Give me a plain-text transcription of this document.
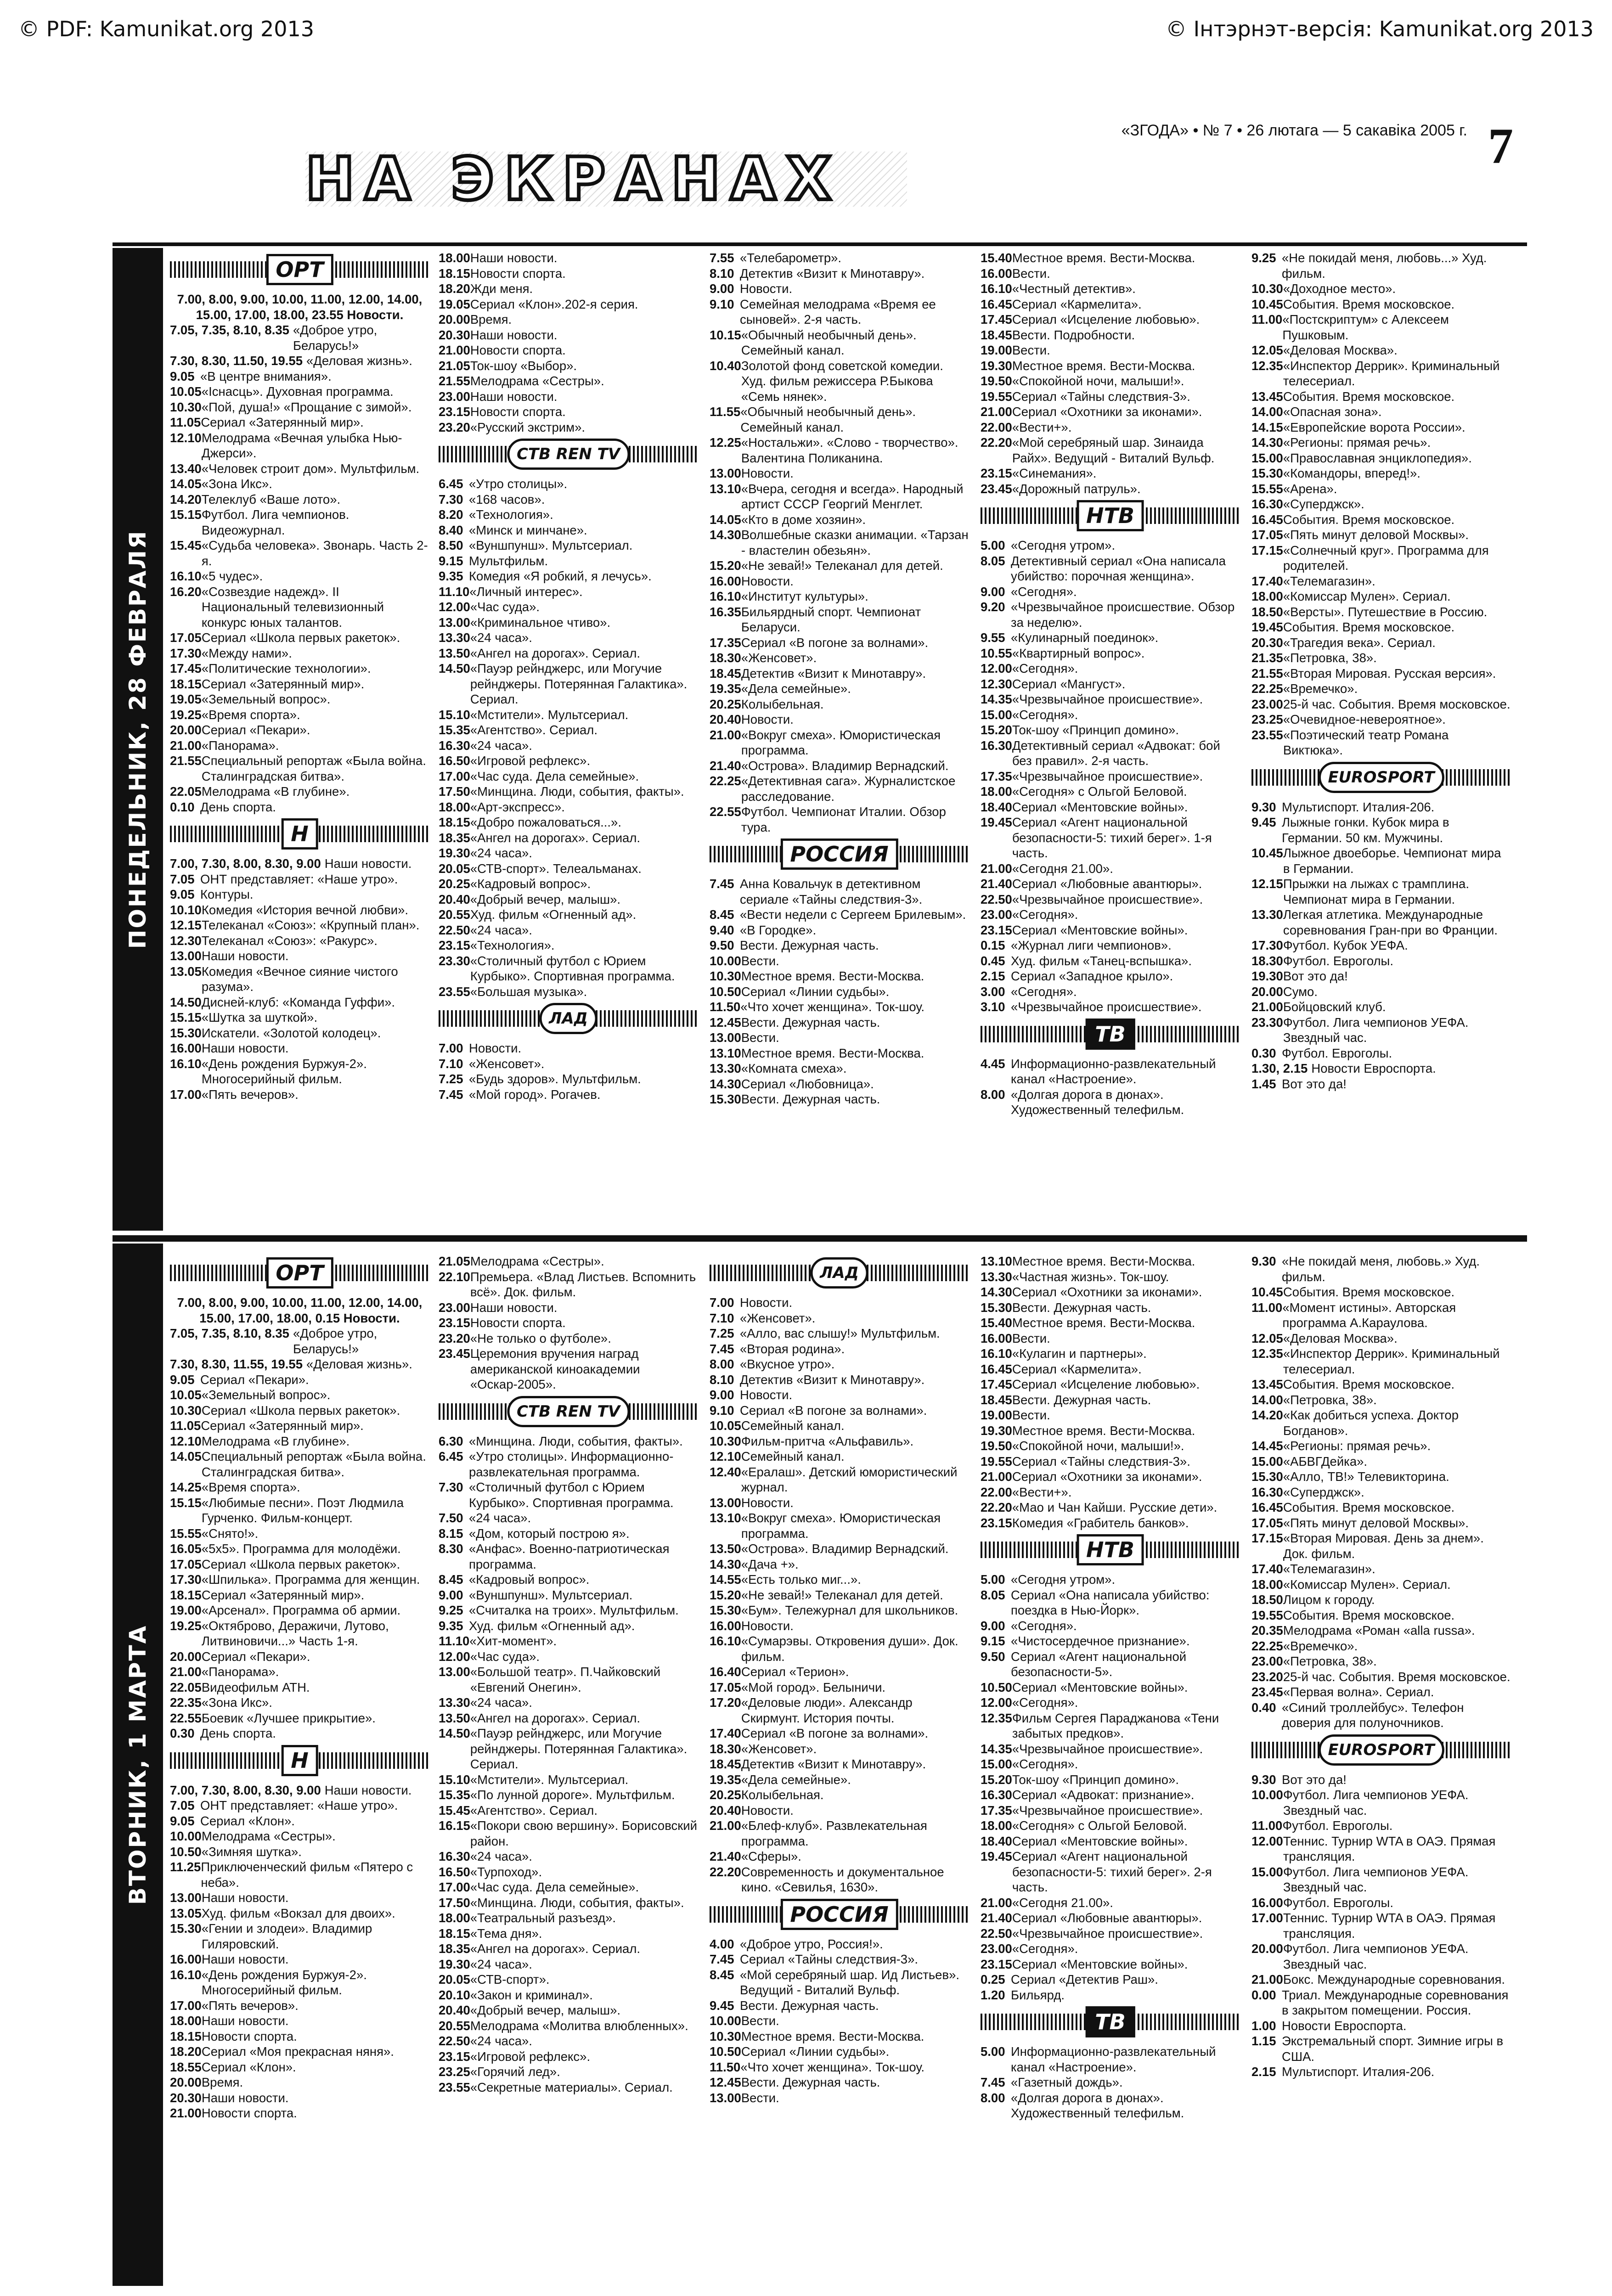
© PDF: Kamunikat.org 2013	© Інтэрнэт-версія: Kamunikat.org 2013
НА ЭКРАНАХ
«ЗГОДА» • № 7 • 26 лютага — 5 сакавіка 2005 г. 7
ПОНЕДЕЛЬНИК, 28 ФЕВРАЛЯ
ВТОРНИК, 1 МАРТА
ОРТ
7.00, 8.00, 9.00, 10.00, 11.00, 12.00, 14.00, 15.00, 17.00, 18.00, 23.55 Новости.
7.05, 7.35, 8.10, 8.35 «Доброе утро, Беларусь!»
7.30, 8.30, 11.50, 19.55 «Деловая жизнь».
9.05 «В центре внимания».
10.05 «Існасць». Духовная программа.
10.30 «Пой, душа!» «Прощание с зимой».
11.05 Сериал «Затерянный мир».
12.10 Мелодрама «Вечная улыбка Нью-Джерси».
13.40 «Человек строит дом». Мультфильм.
14.05 «Зона Икс».
14.20 Телеклуб «Ваше лото».
15.15 Футбол. Лига чемпионов. Видеожурнал.
15.45 «Судьба человека». Звонарь. Часть 2-я.
16.10 «5 чудес».
16.20 «Созвездие надежд». II Национальный телевизионный конкурс юных талантов.
17.05 Сериал «Школа первых ракеток».
17.30 «Между нами».
17.45 «Политические технологии».
18.15 Сериал «Затерянный мир».
19.05 «Земельный вопрос».
19.25 «Время спорта».
20.00 Сериал «Пекари».
21.00 «Панорама».
21.55 Специальный репортаж «Была война. Сталинградская битва».
22.05 Мелодрама «В глубине».
0.10 День спорта.
Н
7.00, 7.30, 8.00, 8.30, 9.00 Наши новости.
7.05 ОНТ представляет: «Наше утро».
9.05 Контуры.
10.10 Комедия «История вечной любви».
12.15 Телеканал «Союз»: «Крупный план».
12.30 Телеканал «Союз»: «Ракурс».
13.00 Наши новости.
13.05 Комедия «Вечное сияние чистого разума».
14.50 Дисней-клуб: «Команда Гуффи».
15.15 «Шутка за шуткой».
15.30 Искатели. «Золотой колодец».
16.00 Наши новости.
16.10 «День рождения Буржуя-2». Многосерийный фильм.
17.00 «Пять вечеров».
18.00 Наши новости.
18.15 Новости спорта.
18.20 Жди меня.
19.05 Сериал «Клон».202-я серия.
20.00 Время.
20.30 Наши новости.
21.00 Новости спорта.
21.05 Ток-шоу «Выбор».
21.55 Мелодрама «Сестры».
23.00 Наши новости.
23.15 Новости спорта.
23.20 «Русский экстрим».
СТВ REN TV
6.45 «Утро столицы».
7.30 «168 часов».
8.20 «Технология».
8.40 «Минск и минчане».
8.50 «Вуншпунш». Мультсериал.
9.15 Мультфильм.
9.35 Комедия «Я робкий, я лечусь».
11.10 «Личный интерес».
12.00 «Час суда».
13.00 «Криминальное чтиво».
13.30 «24 часа».
13.50 «Ангел на дорогах». Сериал.
14.50 «Пауэр рейнджерс, или Могучие рейнджеры. Потерянная Галактика». Сериал.
15.10 «Мстители». Мультсериал.
15.35 «Агентство». Сериал.
16.30 «24 часа».
16.50 «Игровой рефлекс».
17.00 «Час суда. Дела семейные».
17.50 «Минщина. Люди, события, факты».
18.00 «Арт-экспресс».
18.15 «Добро пожаловаться...».
18.35 «Ангел на дорогах». Сериал.
19.30 «24 часа».
20.05 «СТВ-спорт». Телеальманах.
20.25 «Кадровый вопрос».
20.40 «Добрый вечер, малыш».
20.55 Худ. фильм «Огненный ад».
22.50 «24 часа».
23.15 «Технология».
23.30 «Столичный футбол с Юрием Курбыко». Спортивная программа.
23.55 «Большая музыка».
ЛАД
7.00 Новости.
7.10 «Женсовет».
7.25 «Будь здоров». Мультфильм.
7.45 «Мой город». Рогачев.
7.55 «Телебарометр».
8.10 Детектив «Визит к Минотавру».
9.00 Новости.
9.10 Семейная мелодрама «Время ее сыновей». 2-я часть.
10.15 «Обычный необычный день». Семейный канал.
10.40 Золотой фонд советской комедии. Худ. фильм режиссера Р.Быкова «Семь нянек».
11.55 «Обычный необычный день». Семейный канал.
12.25 «Ностальжи». «Слово - творчество». Валентина Поликанина.
13.00 Новости.
13.10 «Вчера, сегодня и всегда». Народный артист СССР Георгий Менглет.
14.05 «Кто в доме хозяин».
14.30 Волшебные сказки анимации. «Тарзан - властелин обезьян».
15.20 «Не зевай!» Телеканал для детей.
16.00 Новости.
16.10 «Институт культуры».
16.35 Бильярдный спорт. Чемпионат Беларуси.
17.35 Сериал «В погоне за волнами».
18.30 «Женсовет».
18.45 Детектив «Визит к Минотавру».
19.35 «Дела семейные».
20.25 Колыбельная.
20.40 Новости.
21.00 «Вокруг смеха». Юмористическая программа.
21.40 «Острова». Владимир Вернадский.
22.25 «Детективная сага». Журналистское расследование.
22.55 Футбол. Чемпионат Италии. Обзор тура.
РОССИЯ
7.45 Анна Ковальчук в детективном сериале «Тайны следствия-3».
8.45 «Вести недели с Сергеем Брилевым».
9.40 «В Городке».
9.50 Вести. Дежурная часть.
10.00 Вести.
10.30 Местное время. Вести-Москва.
10.50 Сериал «Линии судьбы».
11.50 «Что хочет женщина». Ток-шоу.
12.45 Вести. Дежурная часть.
13.00 Вести.
13.10 Местное время. Вести-Москва.
13.30 «Комната смеха».
14.30 Сериал «Любовница».
15.30 Вести. Дежурная часть.
15.40 Местное время. Вести-Москва.
16.00 Вести.
16.10 «Честный детектив».
16.45 Сериал «Кармелита».
17.45 Сериал «Исцеление любовью».
18.45 Вести. Подробности.
19.00 Вести.
19.30 Местное время. Вести-Москва.
19.50 «Спокойной ночи, малыши!».
19.55 Сериал «Тайны следствия-3».
21.00 Сериал «Охотники за иконами».
22.00 «Вести+».
22.20 «Мой серебряный шар. Зинаида Райх». Ведущий - Виталий Вульф.
23.15 «Синемания».
23.45 «Дорожный патруль».
НТВ
5.00 «Сегодня утром».
8.05 Детективный сериал «Она написала убийство: порочная женщина».
9.00 «Сегодня».
9.20 «Чрезвычайное происшествие. Обзор за неделю».
9.55 «Кулинарный поединок».
10.55 «Квартирный вопрос».
12.00 «Сегодня».
12.30 Сериал «Мангуст».
14.35 «Чрезвычайное происшествие».
15.00 «Сегодня».
15.20 Ток-шоу «Принцип домино».
16.30 Детективный сериал «Адвокат: бой без правил». 2-я часть.
17.35 «Чрезвычайное происшествие».
18.00 «Сегодня» с Ольгой Беловой.
18.40 Сериал «Ментовские войны».
19.45 Сериал «Агент национальной безопасности-5: тихий берег». 1-я часть.
21.00 «Сегодня 21.00».
21.40 Сериал «Любовные авантюры».
22.50 «Чрезвычайное происшествие».
23.00 «Сегодня».
23.15 Сериал «Ментовские войны».
0.15 «Журнал лиги чемпионов».
0.45 Худ. фильм «Танец-вспышка».
2.15 Сериал «Западное крыло».
3.00 «Сегодня».
3.10 «Чрезвычайное происшествие».
ТВ
4.45 Информационно-развлекательный канал «Настроение».
8.00 «Долгая дорога в дюнах». Художественный телефильм.
9.25 «Не покидай меня, любовь...» Худ. фильм.
10.30 «Доходное место».
10.45 События. Время московское.
11.00 «Постскриптум» с Алексеем Пушковым.
12.05 «Деловая Москва».
12.35 «Инспектор Деррик». Криминальный телесериал.
13.45 События. Время московское.
14.00 «Опасная зона».
14.15 «Европейские ворота России».
14.30 «Регионы: прямая речь».
15.00 «Православная энциклопедия».
15.30 «Командоры, вперед!».
15.55 «Арена».
16.30 «Суперджск».
16.45 События. Время московское.
17.05 «Пять минут деловой Москвы».
17.15 «Солнечный круг». Программа для родителей.
17.40 «Телемагазин».
18.00 «Комиссар Мулен». Сериал.
18.50 «Версты». Путешествие в Россию.
19.45 События. Время московское.
20.30 «Трагедия века». Сериал.
21.35 «Петровка, 38».
21.55 «Вторая Мировая. Русская версия».
22.25 «Времечко».
23.00 25-й час. События. Время московское.
23.25 «Очевидное-невероятное».
23.55 «Поэтический театр Романа Виктюка».
EUROSPORT
9.30 Мультиспорт. Италия-206.
9.45 Лыжные гонки. Кубок мира в Германии. 50 км. Мужчины.
10.45 Лыжное двоеборье. Чемпионат мира в Германии.
12.15 Прыжки на лыжах с трамплина. Чемпионат мира в Германии.
13.30 Легкая атлетика. Международные соревнования Гран-при во Франции.
17.30 Футбол. Кубок УЕФА.
18.30 Футбол. Евроголы.
19.30 Вот это да!
20.00 Сумо.
21.00 Бойцовский клуб.
23.30 Футбол. Лига чемпионов УЕФА. Звездный час.
0.30 Футбол. Евроголы.
1.30, 2.15 Новости Евроспорта.
1.45 Вот это да!
ОРТ
7.00, 8.00, 9.00, 10.00, 11.00, 12.00, 14.00, 15.00, 17.00, 18.00, 0.15 Новости.
7.05, 7.35, 8.10, 8.35 «Доброе утро, Беларусь!»
7.30, 8.30, 11.55, 19.55 «Деловая жизнь».
9.05 Сериал «Пекари».
10.05 «Земельный вопрос».
10.30 Сериал «Школа первых ракеток».
11.05 Сериал «Затерянный мир».
12.10 Мелодрама «В глубине».
14.05 Специальный репортаж «Была война. Сталинградская битва».
14.25 «Время спорта».
15.15 «Любимые песни». Поэт Людмила Гурченко. Фильм-концерт.
15.55 «Снято!».
16.05 «5х5». Программа для молодёжи.
17.05 Сериал «Школа первых ракеток».
17.30 «Шпилька». Программа для женщин.
18.15 Сериал «Затерянный мир».
19.00 «Арсенал». Программа об армии.
19.25 «Октяброво, Деражичи, Лутово, Литвиновичи...» Часть 1-я.
20.00 Сериал «Пекари».
21.00 «Панорама».
22.05 Видеофильм АТН.
22.35 «Зона Икс».
22.55 Боевик «Лучшее прикрытие».
0.30 День спорта.
Н
7.00, 7.30, 8.00, 8.30, 9.00 Наши новости.
7.05 ОНТ представляет: «Наше утро».
9.05 Сериал «Клон».
10.00 Мелодрама «Сестры».
10.50 «Зимняя шутка».
11.25 Приключенческий фильм «Пятеро с неба».
13.00 Наши новости.
13.05 Худ. фильм «Вокзал для двоих».
15.30 «Гении и злодеи». Владимир Гиляровский.
16.00 Наши новости.
16.10 «День рождения Буржуя-2». Многосерийный фильм.
17.00 «Пять вечеров».
18.00 Наши новости.
18.15 Новости спорта.
18.20 Сериал «Моя прекрасная няня».
18.55 Сериал «Клон».
20.00 Время.
20.30 Наши новости.
21.00 Новости спорта.
21.05 Мелодрама «Сестры».
22.10 Премьера. «Влад Листьев. Вспомнить всё». Док. фильм.
23.00 Наши новости.
23.15 Новости спорта.
23.20 «Не только о футболе».
23.45 Церемония вручения наград американской киноакадемии «Оскар-2005».
СТВ REN TV
6.30 «Минщина. Люди, события, факты».
6.45 «Утро столицы». Информационно-развлекательная программа.
7.30 «Столичный футбол с Юрием Курбыко». Спортивная программа.
7.50 «24 часа».
8.15 «Дом, который построю я».
8.30 «Анфас». Военно-патриотическая программа.
8.45 «Кадровый вопрос».
9.00 «Вуншпунш». Мультсериал.
9.25 «Считалка на троих». Мультфильм.
9.35 Худ. фильм «Огненный ад».
11.10 «Хит-момент».
12.00 «Час суда».
13.00 «Большой театр». П.Чайковский «Евгений Онегин».
13.30 «24 часа».
13.50 «Ангел на дорогах». Сериал.
14.50 «Пауэр рейнджерс, или Могучие рейнджеры. Потерянная Галактика». Сериал.
15.10 «Мстители». Мультсериал.
15.35 «По лунной дороге». Мультфильм.
15.45 «Агентство». Сериал.
16.15 «Покори свою вершину». Борисовский район.
16.30 «24 часа».
16.50 «Турпоход».
17.00 «Час суда. Дела семейные».
17.50 «Минщина. Люди, события, факты».
18.00 «Театральный разъезд».
18.15 «Тема дня».
18.35 «Ангел на дорогах». Сериал.
19.30 «24 часа».
20.05 «СТВ-спорт».
20.10 «Закон и криминал».
20.40 «Добрый вечер, малыш».
20.55 Мелодрама «Молитва влюбленных».
22.50 «24 часа».
23.15 «Игровой рефлекс».
23.25 «Горячий лед».
23.55 «Секретные материалы». Сериал.
ЛАД
7.00 Новости.
7.10 «Женсовет».
7.25 «Алло, вас слышу!» Мультфильм.
7.45 «Вторая родина».
8.00 «Вкусное утро».
8.10 Детектив «Визит к Минотавру».
9.00 Новости.
9.10 Сериал «В погоне за волнами».
10.05 Семейный канал.
10.30 Фильм-притча «Альфавиль».
12.10 Семейный канал.
12.40 «Ералаш». Детский юмористический журнал.
13.00 Новости.
13.10 «Вокруг смеха». Юмористическая программа.
13.50 «Острова». Владимир Вернадский.
14.30 «Дача +».
14.55 «Есть только миг...».
15.20 «Не зевай!» Телеканал для детей.
15.30 «Бум». Тележурнал для школьников.
16.00 Новости.
16.10 «Сумарэвы. Откровения души». Док. фильм.
16.40 Сериал «Терион».
17.05 «Мой город». Белыничи.
17.20 «Деловые люди». Александр Скирмунт. История почты.
17.40 Сериал «В погоне за волнами».
18.30 «Женсовет».
18.45 Детектив «Визит к Минотавру».
19.35 «Дела семейные».
20.25 Колыбельная.
20.40 Новости.
21.00 «Блеф-клуб». Развлекательная программа.
21.40 «Сферы».
22.20 Современность и документальное кино. «Севилья, 1630».
РОССИЯ
4.00 «Доброе утро, Россия!».
7.45 Сериал «Тайны следствия-3».
8.45 «Мой серебряный шар. Ид Листьев». Ведущий - Виталий Вульф.
9.45 Вести. Дежурная часть.
10.00 Вести.
10.30 Местное время. Вести-Москва.
10.50 Сериал «Линии судьбы».
11.50 «Что хочет женщина». Ток-шоу.
12.45 Вести. Дежурная часть.
13.00 Вести.
13.10 Местное время. Вести-Москва.
13.30 «Частная жизнь». Ток-шоу.
14.30 Сериал «Охотники за иконами».
15.30 Вести. Дежурная часть.
15.40 Местное время. Вести-Москва.
16.00 Вести.
16.10 «Кулагин и партнеры».
16.45 Сериал «Кармелита».
17.45 Сериал «Исцеление любовью».
18.45 Вести. Дежурная часть.
19.00 Вести.
19.30 Местное время. Вести-Москва.
19.50 «Спокойной ночи, малыши!».
19.55 Сериал «Тайны следствия-3».
21.00 Сериал «Охотники за иконами».
22.00 «Вести+».
22.20 «Мао и Чан Кайши. Русские дети».
23.15 Комедия «Грабитель банков».
НТВ
5.00 «Сегодня утром».
8.05 Сериал «Она написала убийство: поездка в Нью-Йорк».
9.00 «Сегодня».
9.15 «Чистосердечное признание».
9.50 Сериал «Агент национальной безопасности-5».
10.50 Сериал «Ментовские войны».
12.00 «Сегодня».
12.35 Фильм Сергея Параджанова «Тени забытых предков».
14.35 «Чрезвычайное происшествие».
15.00 «Сегодня».
15.20 Ток-шоу «Принцип домино».
16.30 Сериал «Адвокат: признание».
17.35 «Чрезвычайное происшествие».
18.00 «Сегодня» с Ольгой Беловой.
18.40 Сериал «Ментовские войны».
19.45 Сериал «Агент национальной безопасности-5: тихий берег». 2-я часть.
21.00 «Сегодня 21.00».
21.40 Сериал «Любовные авантюры».
22.50 «Чрезвычайное происшествие».
23.00 «Сегодня».
23.15 Сериал «Ментовские войны».
0.25 Сериал «Детектив Раш».
1.20 Бильярд.
ТВ
5.00 Информационно-развлекательный канал «Настроение».
7.45 «Газетный дождь».
8.00 «Долгая дорога в дюнах». Художественный телефильм.
9.30 «Не покидай меня, любовь.» Худ. фильм.
10.45 События. Время московское.
11.00 «Момент истины». Авторская программа А.Караулова.
12.05 «Деловая Москва».
12.35 «Инспектор Деррик». Криминальный телесериал.
13.45 События. Время московское.
14.00 «Петровка, 38».
14.20 «Как добиться успеха. Доктор Богданов».
14.45 «Регионы: прямая речь».
15.00 «АБВГДейка».
15.30 «Алло, ТВ!» Телевикторина.
16.30 «Суперджск».
16.45 События. Время московское.
17.05 «Пять минут деловой Москвы».
17.15 «Вторая Мировая. День за днем». Док. фильм.
17.40 «Телемагазин».
18.00 «Комиссар Мулен». Сериал.
18.50 Лицом к городу.
19.55 События. Время московское.
20.35 Мелодрама «Роман «alla russa».
22.25 «Времечко».
23.00 «Петровка, 38».
23.20 25-й час. События. Время московское.
23.45 «Первая волна». Сериал.
0.40 «Синий троллейбус». Телефон доверия для полуночников.
EUROSPORT
9.30 Вот это да!
10.00 Футбол. Лига чемпионов УЕФА. Звездный час.
11.00 Футбол. Евроголы.
12.00 Теннис. Турнир WTA в ОАЭ. Прямая трансляция.
15.00 Футбол. Лига чемпионов УЕФА. Звездный час.
16.00 Футбол. Евроголы.
17.00 Теннис. Турнир WTA в ОАЭ. Прямая трансляция.
20.00 Футбол. Лига чемпионов УЕФА. Звездный час.
21.00 Бокс. Международные соревнования.
0.00 Триал. Международные соревнования в закрытом помещении. Россия.
1.00 Новости Евроспорта.
1.15 Экстремальный спорт. Зимние игры в США.
2.15 Мультиспорт. Италия-206.
